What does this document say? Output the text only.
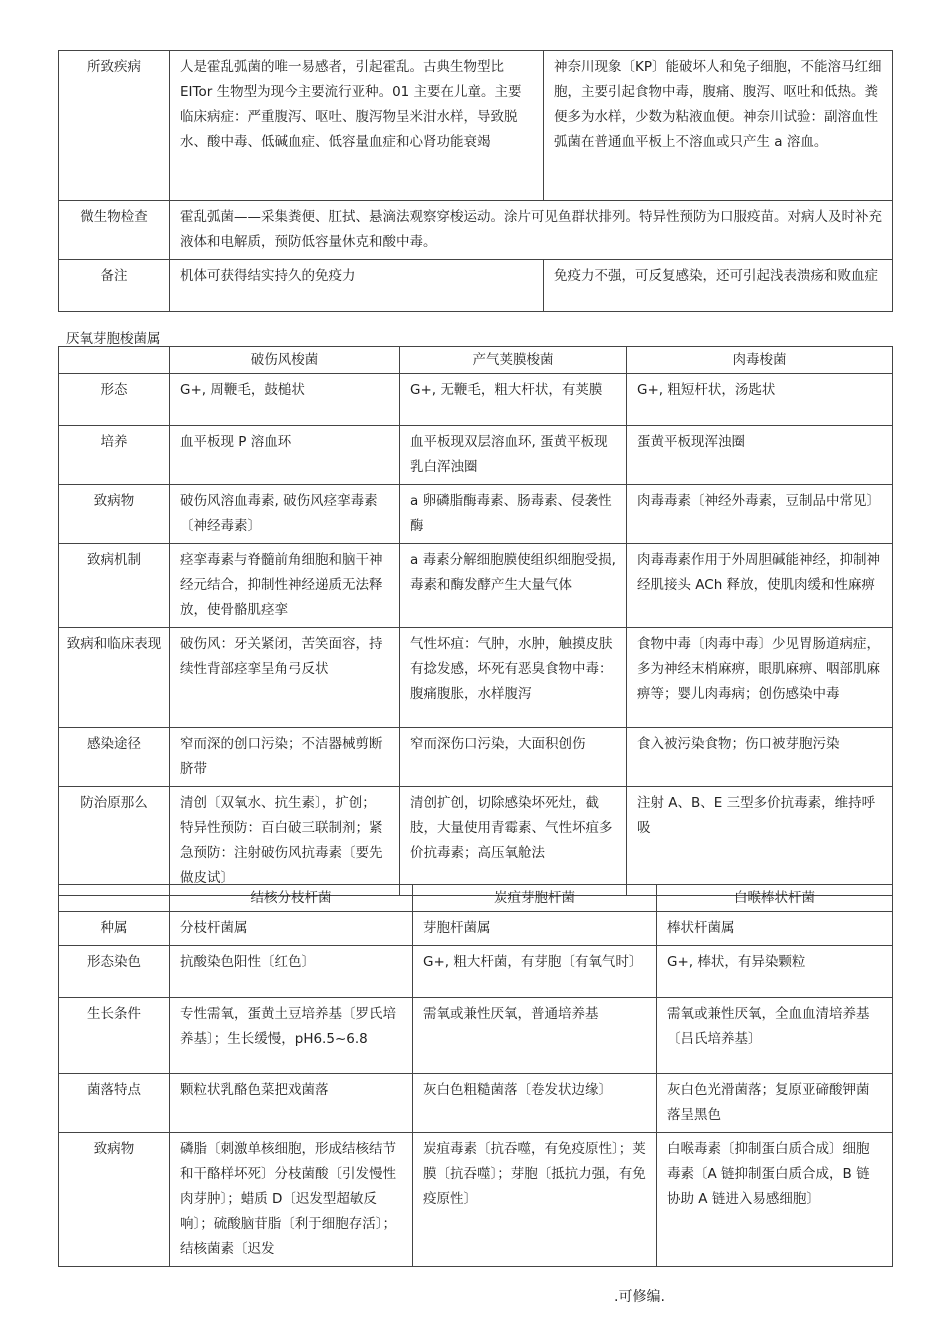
所致疾病	人是霍乱弧菌的唯一易感者，引起霍乱。古典生物型比 EITor 生物型为现今主要流行亚种。01 主要在儿童。主要临床病症：严重腹泻、呕吐、腹泻物呈米泔水样，导致脱水、酸中毒、低碱血症、低容量血症和心肾功能衰竭	神奈川现象〔KP〕能破坏人和兔子细胞，不能溶马红细胞，主要引起食物中毒，腹痛、腹泻、呕吐和低热。粪便多为水样，少数为粘液血便。神奈川试验：副溶血性弧菌在普通血平板上不溶血或只产生 a 溶血。
微生物检查	霍乱弧菌——采集粪便、肛拭、悬滴法观察穿梭运动。涂片可见鱼群状排列。特异性预防为口服疫苗。对病人及时补充液体和电解质，预防低容量休克和酸中毒。	
备注	机体可获得结实持久的免疫力	免疫力不强，可反复感染，还可引起浅表溃疡和败血症
厌氧芽胞梭菌属
	破伤风梭菌	产气荚膜梭菌	肉毒梭菌
形态	G+, 周鞭毛，鼓槌状	G+, 无鞭毛，粗大杆状，有荚膜	G+, 粗短杆状，汤匙状
培养	血平板现 P 溶血环	血平板现双层溶血环, 蛋黄平板现乳白浑浊圈	蛋黄平板现浑浊圈
致病物	破伤风溶血毒素, 破伤风痉挛毒素〔神经毒素〕	a 卵磷脂酶毒素、肠毒素、侵袭性酶	肉毒毒素〔神经外毒素，豆制品中常见〕
致病机制	痉挛毒素与脊髓前角细胞和脑干神经元结合，抑制性神经递质无法释放，使骨骼肌痉挛	a 毒素分解细胞膜使组织细胞受损, 毒素和酶发酵产生大量气体	肉毒毒素作用于外周胆碱能神经，抑制神经肌接头 ACh 释放，使肌肉缓和性麻痹
致病和临床表现	破伤风：牙关紧闭，苦笑面容，持续性背部痉挛呈角弓反状	气性坏疽：气肿，水肿，触摸皮肤有捻发感，坏死有恶臭食物中毒：腹痛腹胀，水样腹泻	食物中毒〔肉毒中毒〕少见胃肠道病症，多为神经末梢麻痹，眼肌麻痹、咽部肌麻痹等；婴儿肉毒病；创伤感染中毒
感染途径	窄而深的创口污染；不洁器械剪断脐带	窄而深伤口污染，大面积创伤	食入被污染食物；伤口被芽胞污染
防治原那么	清创〔双氧水、抗生素〕，扩创；特异性预防：百白破三联制剂；紧急预防：注射破伤风抗毒素〔要先做皮试〕	清创扩创，切除感染坏死灶，截肢，大量使用青霉素、气性坏疽多价抗毒素；高压氧舱法	注射 A、B、E 三型多价抗毒素，维持呼吸
	结核分枝杆菌	炭疽芽胞杆菌	白喉棒状杆菌
种属	分枝杆菌属	芽胞杆菌属	棒状杆菌属
形态染色	抗酸染色阳性〔红色〕	G+, 粗大杆菌，有芽胞〔有氧气时〕	G+, 棒状，有异染颗粒
生长条件	专性需氧，蛋黄土豆培养基〔罗氏培养基〕；生长缓慢，pH6.5~6.8	需氧或兼性厌氧，普通培养基	需氧或兼性厌氧，全血血清培养基〔吕氏培养基〕
菌落特点	颗粒状乳酪色菜把戏菌落	灰白色粗糙菌落〔卷发状边缘〕	灰白色光滑菌落；复原亚碲酸钾菌落呈黑色
致病物	磷脂〔刺激单核细胞，形成结核结节和干酪样坏死〕分枝菌酸〔引发慢性肉芽肿〕；蜡质 D〔迟发型超敏反响〕；硫酸脑苷脂〔利于细胞存活〕；结核菌素〔迟发	炭疽毒素〔抗吞噬，有免疫原性〕；荚膜〔抗吞噬〕；芽胞〔抵抗力强，有免疫原性〕	白喉毒素〔抑制蛋白质合成〕细胞毒素〔A 链抑制蛋白质合成，B 链协助 A 链进入易感细胞〕
.可修编.
